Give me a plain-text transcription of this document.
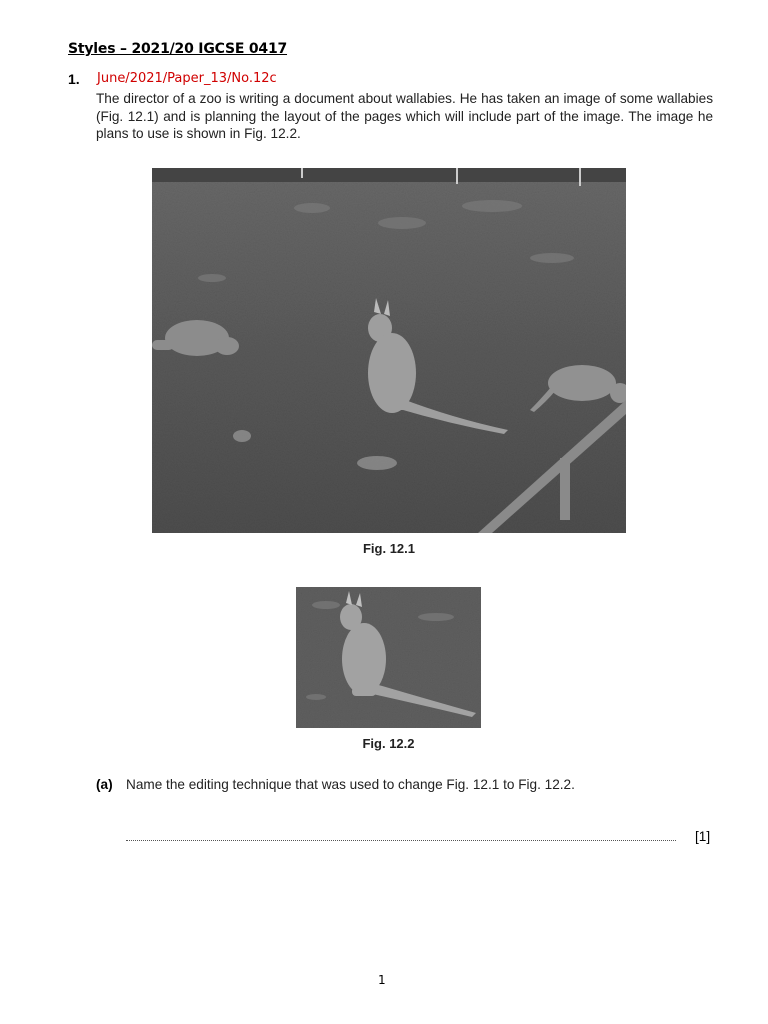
Styles – 2021/20 IGCSE 0417
1. June/2021/Paper_13/No.12c
The director of a zoo is writing a document about wallabies. He has taken an image of some wallabies (Fig. 12.1) and is planning the layout of the pages which will include part of the image. The image he plans to use is shown in Fig. 12.2.
Fig. 12.1
Fig. 12.2
(a) Name the editing technique that was used to change Fig. 12.1 to Fig. 12.2.
[1]
1
